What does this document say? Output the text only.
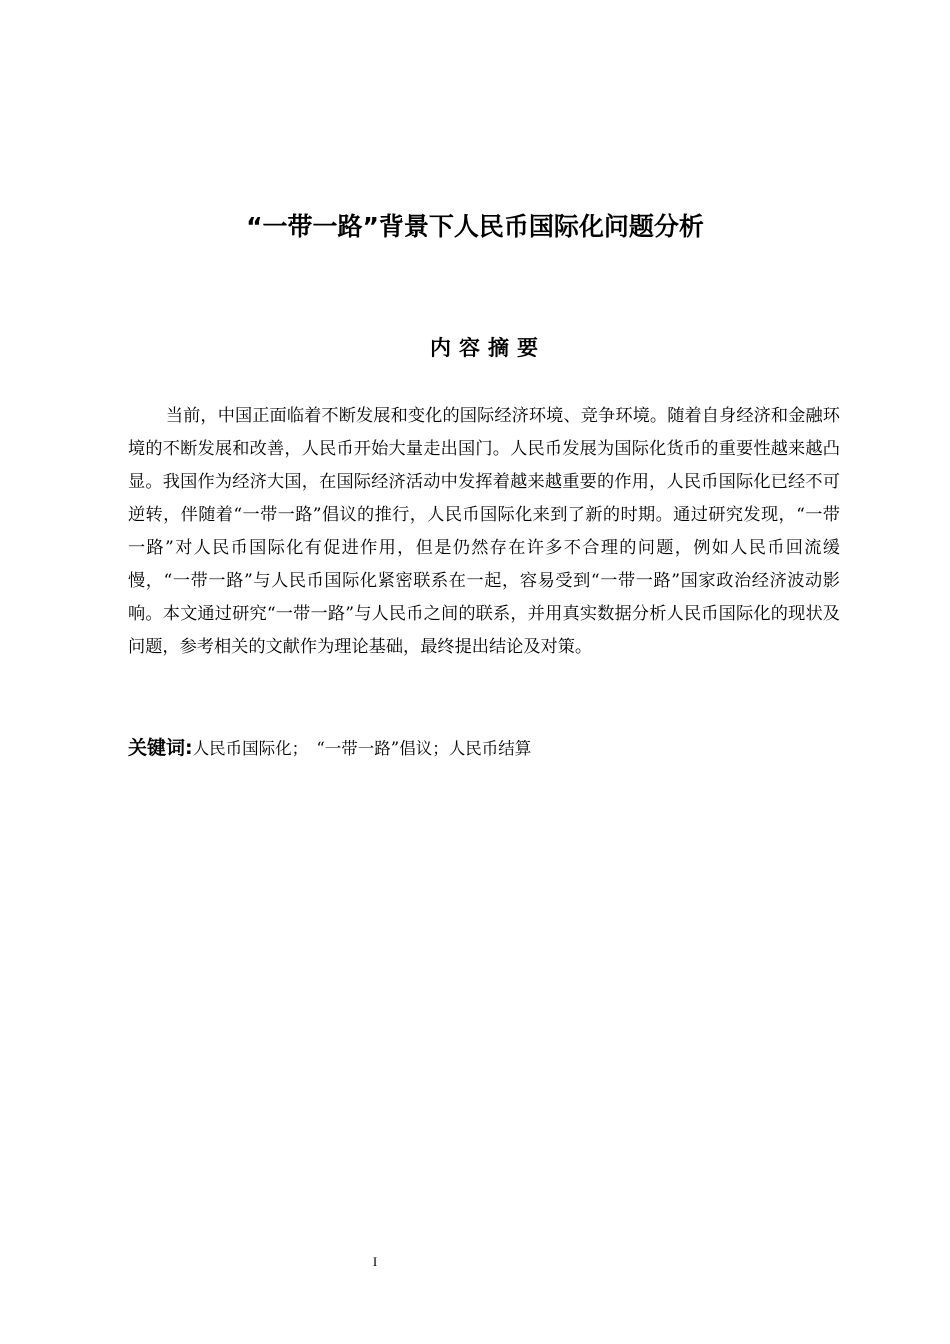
“一带一路”背景下人民币国际化问题分析
内容摘要

当前，中国正面临着不断发展和变化的国际经济环境、竞争环境。随着自身经济和金融环境的不断发展和改善，人民币开始大量走出国门。人民币发展为国际化货币的重要性越来越凸显。我国作为经济大国，在国际经济活动中发挥着越来越重要的作用，人民币国际化已经不可逆转，伴随着“一带一路”倡议的推行，人民币国际化来到了新的时期。通过研究发现，“一带一路”对人民币国际化有促进作用，但是仍然存在许多不合理的问题，例如人民币回流缓慢，“一带一路”与人民币国际化紧密联系在一起，容易受到“一带一路”国家政治经济波动影响。本文通过研究“一带一路”与人民币之间的联系，并用真实数据分析人民币国际化的现状及问题，参考相关的文献作为理论基础，最终提出结论及对策。

关键词:人民币国际化；　“一带一路”倡议；人民币结算
I
